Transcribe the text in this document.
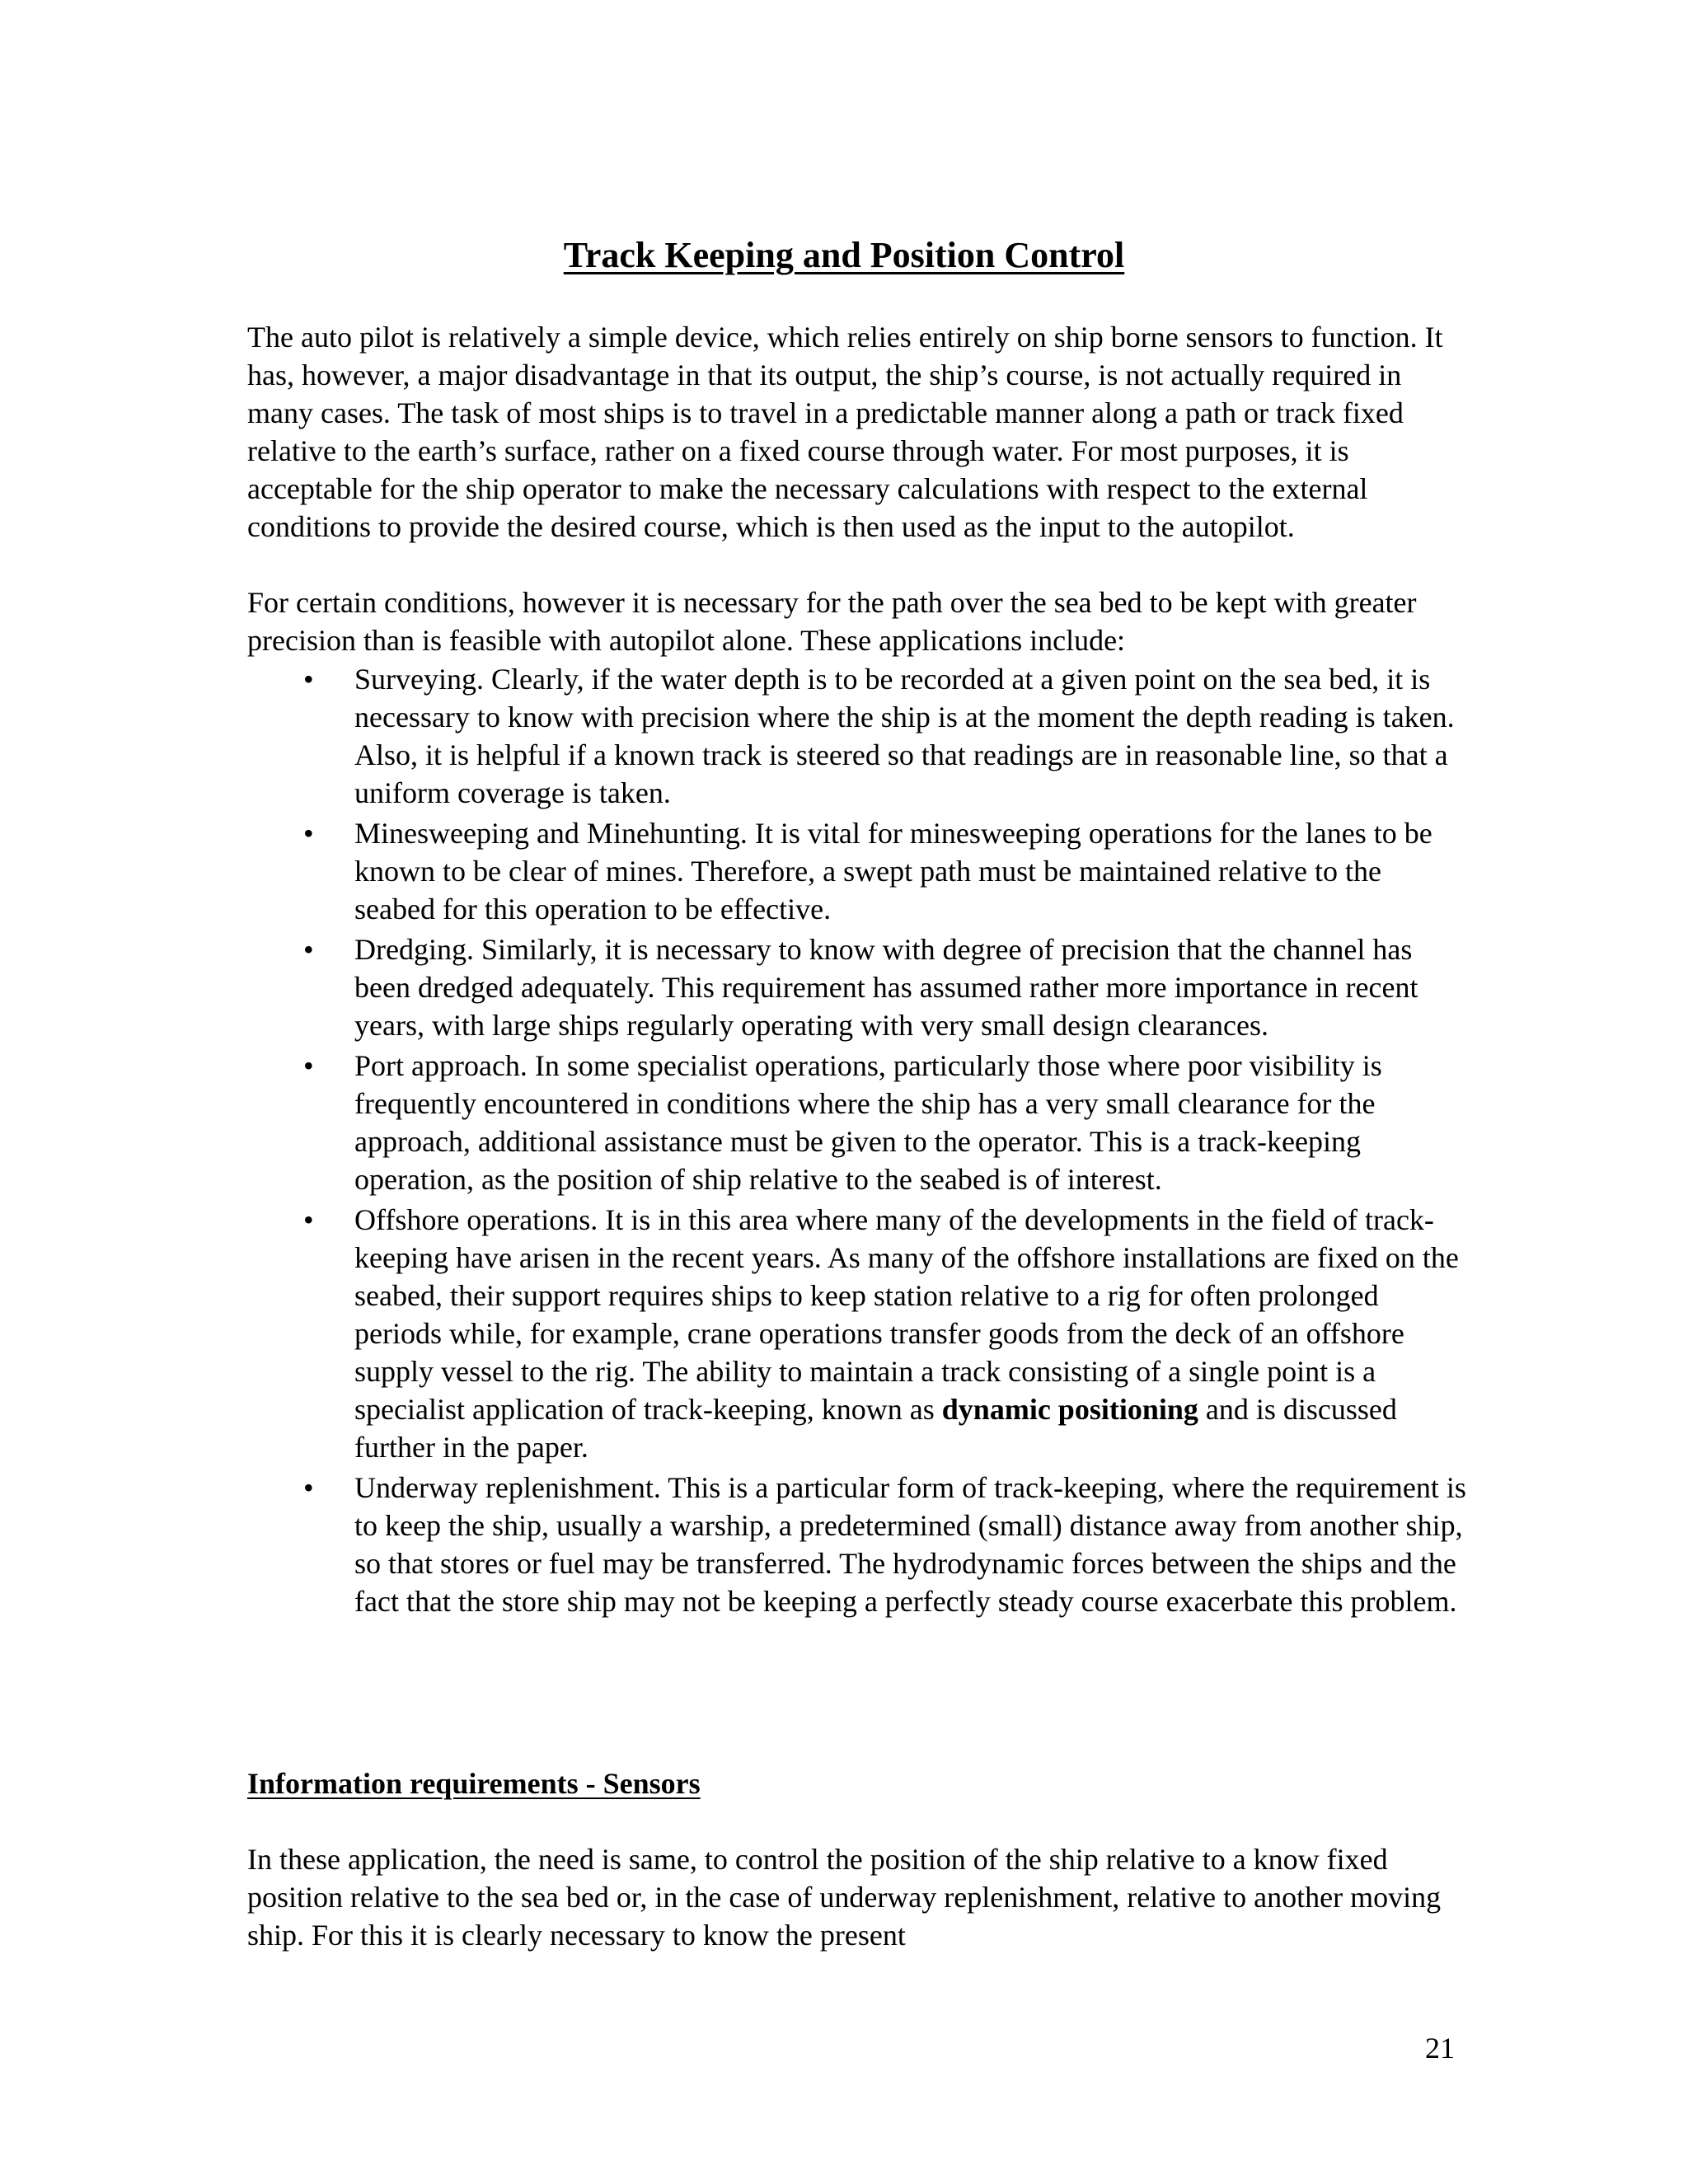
Track Keeping and Position Control

The auto pilot is relatively a simple device, which relies entirely on ship borne sensors to function. It has, however, a major disadvantage in that its output, the ship’s course, is not actually required in many cases. The task of most ships is to travel in a predictable manner along a path or track fixed relative to the earth’s surface, rather on a fixed course through water. For most purposes, it is acceptable for the ship operator to make the necessary calculations with respect to the external conditions to provide the desired course, which is then used as the input to the autopilot.

For certain conditions, however it is necessary for the path over the sea bed to be kept with greater precision than is feasible with autopilot alone. These applications include:

• Surveying. Clearly, if the water depth is to be recorded at a given point on the sea bed, it is necessary to know with precision where the ship is at the moment the depth reading is taken. Also, it is helpful if a known track is steered so that readings are in reasonable line, so that a uniform coverage is taken.
• Minesweeping and Minehunting. It is vital for minesweeping operations for the lanes to be known to be clear of mines. Therefore, a swept path must be maintained relative to the seabed for this operation to be effective.
• Dredging. Similarly, it is necessary to know with degree of precision that the channel has been dredged adequately. This requirement has assumed rather more importance in recent years, with large ships regularly operating with very small design clearances.
• Port approach. In some specialist operations, particularly those where poor visibility is frequently encountered in conditions where the ship has a very small clearance for the approach, additional assistance must be given to the operator. This is a track-keeping operation, as the position of ship relative to the seabed is of interest.
• Offshore operations. It is in this area where many of the developments in the field of track-keeping have arisen in the recent years. As many of the offshore installations are fixed on the seabed, their support requires ships to keep station relative to a rig for often prolonged periods while, for example, crane operations transfer goods from the deck of an offshore supply vessel to the rig. The ability to maintain a track consisting of a single point is a specialist application of track-keeping, known as dynamic positioning and is discussed further in the paper.
• Underway replenishment. This is a particular form of track-keeping, where the requirement is to keep the ship, usually a warship, a predetermined (small) distance away from another ship, so that stores or fuel may be transferred. The hydrodynamic forces between the ships and the fact that the store ship may not be keeping a perfectly steady course exacerbate this problem.
Information requirements - Sensors

In these application, the need is same, to control the position of the ship relative to a know fixed position relative to the sea bed or, in the case of underway replenishment, relative to another moving ship. For this it is clearly necessary to know the present

21
